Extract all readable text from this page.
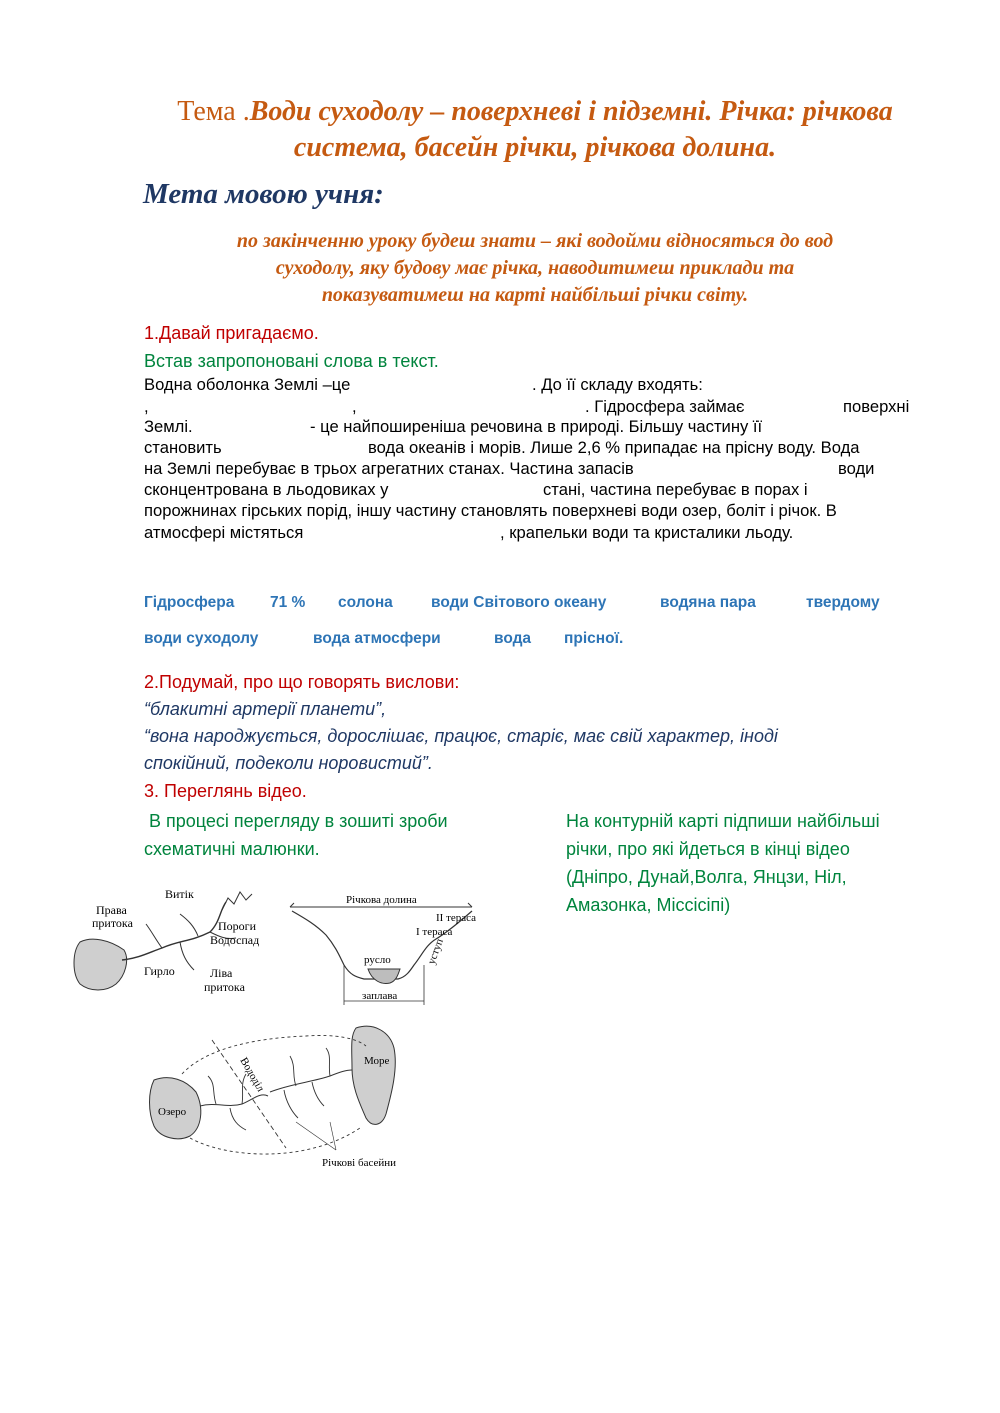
Тема .Води суходолу – поверхневі і підземні. Річка: річкова
система, басейн річки, річкова долина.
Мета мовою учня:
по закінченню уроку будеш знати – які водойми відносяться до вод
суходолу, яку будову має річка, наводитимеш приклади та
показуватимеш на карті найбільші річки світу.
1.Давай пригадаємо.
Встав запропоновані слова в текст.
Водна оболонка Землі –це	. До її складу входять:
,	,	. Гідросфера займає	поверхні
Землі.	- це найпоширеніша речовина в природі. Більшу частину її
становить	вода океанів і морів. Лише 2,6 % припадає на прісну воду. Вода
на Землі перебуває в трьох агрегатних станах. Частина запасів	води
сконцентрована в льодовиках у	стані, частина перебуває в порах і
порожнинах гірських порід, іншу частину становлять поверхневі води озер, боліт і річок. В
атмосфері містяться	, крапельки води та кристалики льоду.
Гідросфера 71 % солона води Світового океану	водяна пара	твердому
води суходолу	вода атмосфери	вода прісної.
2.Подумай, про що говорять вислови:
“блакитні артерії планети”,
“вона народжується, дорослішає, працює, старіє, має свій характер, іноді
спокійний, подеколи норовистий”.
3. Переглянь відео.
В процесі перегляду в зошиті зроби
схематичні малюнки.
На контурній карті підпиши найбільші
річки, про які йдеться в кінці відео
(Дніпро, Дунай,Волга, Янцзи, Ніл,
Амазонка, Міссісіпі)
Витік
Права
притока	Пороги
Водоспад
Гирло	Ліва
притока
Річкова долина
II тераса
I тераса
русло
заплава
уступ
Море
Озеро
Вододіл
Річкові басейни
